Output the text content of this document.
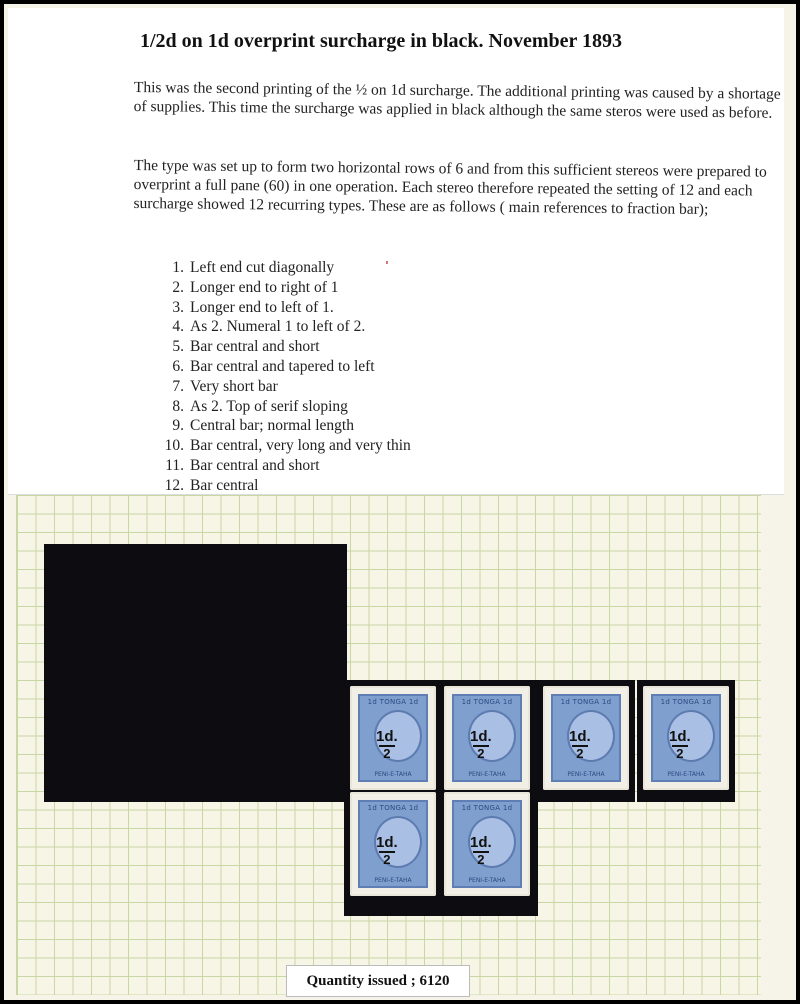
1/2d on 1d overprint surcharge in black. November 1893
This was the second printing of the ½ on 1d surcharge. The additional printing was caused by a shortage of supplies. This time the surcharge was applied in black although the same steros were used as before.
The type was set up to form two horizontal rows of 6 and from this sufficient stereos were prepared to overprint a full pane (60) in one operation. Each stereo therefore repeated the setting of 12 and each surcharge showed 12 recurring types. These are as follows ( main references to fraction bar);
1. Left end cut diagonally
2. Longer end to right of 1
3. Longer end to left of 1.
4. As 2. Numeral 1 to left of 2.
5. Bar central and short
6. Bar central and tapered to left
7. Very short bar
8. As 2. Top of serif sloping
9. Central bar; normal length
10. Bar central, very long and very thin
11. Bar central and short
12. Bar central
1d TONGA 1d
PENI-E-TAHA
1d.
2
1d TONGA 1d
PENI-E-TAHA
1d.
2
1d TONGA 1d
PENI-E-TAHA
1d.
2
1d TONGA 1d
PENI-E-TAHA
1d.
2
1d TONGA 1d
PENI-E-TAHA
1d.
2
1d TONGA 1d
PENI-E-TAHA
1d.
2
Quantity issued ; 6120
